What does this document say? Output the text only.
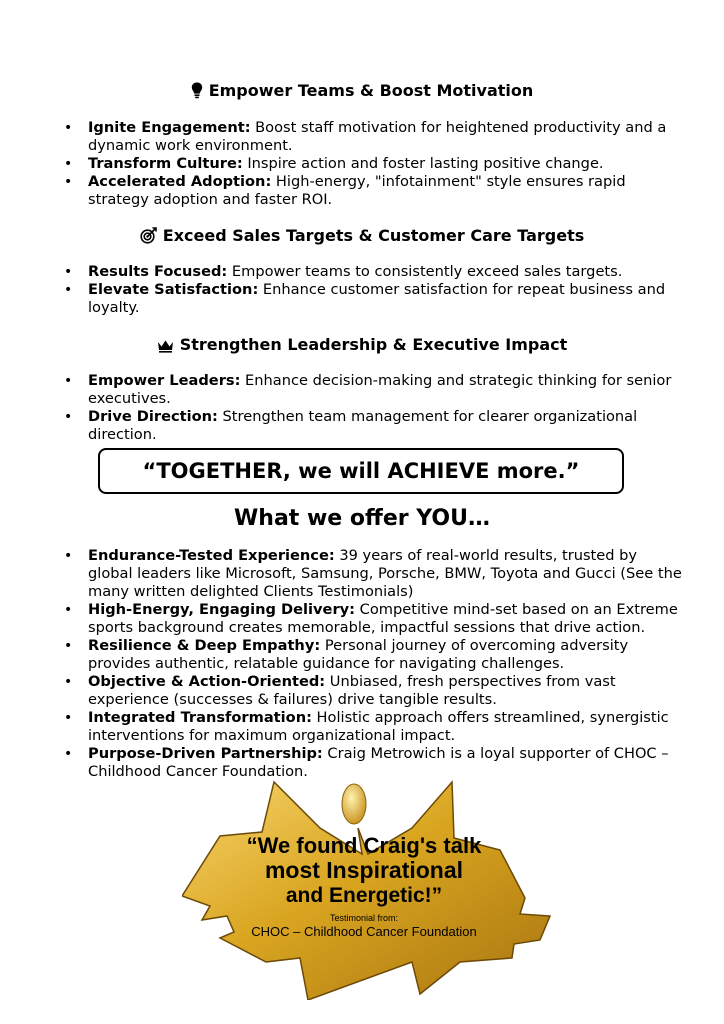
Empower Teams & Boost Motivation
• Ignite Engagement: Boost staff motivation for heightened productivity and a dynamic work environment.
• Transform Culture: Inspire action and foster lasting positive change.
• Accelerated Adoption: High-energy, "infotainment" style ensures rapid strategy adoption and faster ROI.
Exceed Sales Targets & Customer Care Targets
• Results Focused: Empower teams to consistently exceed sales targets.
• Elevate Satisfaction: Enhance customer satisfaction for repeat business and loyalty.
Strengthen Leadership & Executive Impact
• Empower Leaders: Enhance decision-making and strategic thinking for senior executives.
• Drive Direction: Strengthen team management for clearer organizational direction.
“TOGETHER, we will ACHIEVE more.”
What we offer YOU…
• Endurance-Tested Experience: 39 years of real-world results, trusted by global leaders like Microsoft, Samsung, Porsche, BMW, Toyota and Gucci (See the many written delighted Clients Testimonials)
• High-Energy, Engaging Delivery: Competitive mind-set based on an Extreme sports background creates memorable, impactful sessions that drive action.
• Resilience & Deep Empathy: Personal journey of overcoming adversity provides authentic, relatable guidance for navigating challenges.
• Objective & Action-Oriented: Unbiased, fresh perspectives from vast experience (successes & failures) drive tangible results.
• Integrated Transformation: Holistic approach offers streamlined, synergistic interventions for maximum organizational impact.
• Purpose-Driven Partnership: Craig Metrowich is a loyal supporter of CHOC – Childhood Cancer Foundation.
“We found Craig's talk
most Inspirational
and Energetic!”
Testimonial from:
CHOC – Childhood Cancer Foundation
